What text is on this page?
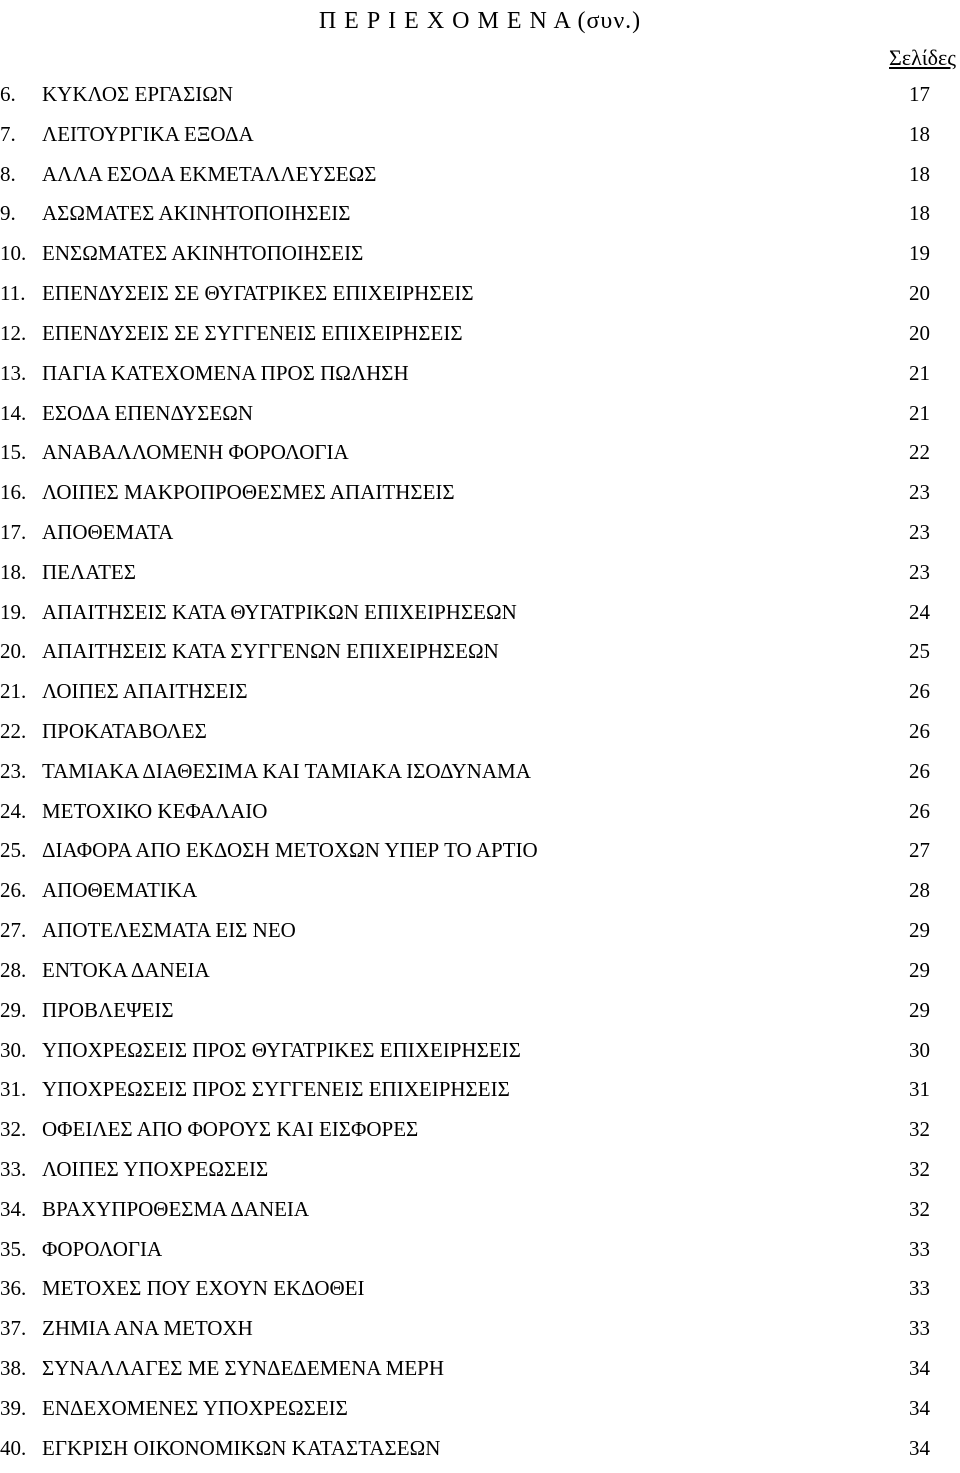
Π Ε Ρ Ι Ε Χ Ο Μ Ε Ν Α (συν.)
Σελίδες
6. ΚΥΚΛΟΣ ΕΡΓΑΣΙΩΝ	17
7. ΛΕΙΤΟΥΡΓΙΚΑ ΕΞΟΔΑ	18
8. ΑΛΛΑ ΕΣΟΔΑ ΕΚΜΕΤΑΛΛΕΥΣΕΩΣ	18
9. ΑΣΩΜΑΤΕΣ ΑΚΙΝΗΤΟΠΟΙΗΣΕΙΣ	18
10. ΕΝΣΩΜΑΤΕΣ ΑΚΙΝΗΤΟΠΟΙΗΣΕΙΣ	19
11. ΕΠΕΝΔΥΣΕΙΣ ΣΕ ΘΥΓΑΤΡΙΚΕΣ ΕΠΙΧΕΙΡΗΣΕΙΣ	20
12. ΕΠΕΝΔΥΣΕΙΣ ΣΕ ΣΥΓΓΕΝΕΙΣ ΕΠΙΧΕΙΡΗΣΕΙΣ	20
13. ΠΑΓΙΑ ΚΑΤΕΧΟΜΕΝΑ ΠΡΟΣ ΠΩΛΗΣΗ	21
14. ΕΣΟΔΑ ΕΠΕΝΔΥΣΕΩΝ	21
15. ΑΝΑΒΑΛΛΟΜΕΝΗ ΦΟΡΟΛΟΓΙΑ	22
16. ΛΟΙΠΕΣ ΜΑΚΡΟΠΡΟΘΕΣΜΕΣ ΑΠΑΙΤΗΣΕΙΣ	23
17. ΑΠΟΘΕΜΑΤΑ	23
18. ΠΕΛΑΤΕΣ	23
19. ΑΠΑΙΤΗΣΕΙΣ ΚΑΤΑ ΘΥΓΑΤΡΙΚΩΝ ΕΠΙΧΕΙΡΗΣΕΩΝ	24
20. ΑΠΑΙΤΗΣΕΙΣ ΚΑΤΑ ΣΥΓΓΕΝΩΝ ΕΠΙΧΕΙΡΗΣΕΩΝ	25
21. ΛΟΙΠΕΣ ΑΠΑΙΤΗΣΕΙΣ	26
22. ΠΡΟΚΑΤΑΒΟΛΕΣ	26
23. ΤΑΜΙΑΚΑ ΔΙΑΘΕΣΙΜΑ ΚΑΙ ΤΑΜΙΑΚΑ ΙΣΟΔΥΝΑΜΑ	26
24. ΜΕΤΟΧΙΚΟ ΚΕΦΑΛΑΙΟ	26
25. ΔΙΑΦΟΡΑ ΑΠΟ ΕΚΔΟΣΗ ΜΕΤΟΧΩΝ ΥΠΕΡ ΤΟ ΑΡΤΙΟ	27
26. ΑΠΟΘΕΜΑΤΙΚΑ	28
27. ΑΠΟΤΕΛΕΣΜΑΤΑ ΕΙΣ ΝΕΟ	29
28. ΕΝΤΟΚΑ ΔΑΝΕΙΑ	29
29. ΠΡΟΒΛΕΨΕΙΣ	29
30. ΥΠΟΧΡΕΩΣΕΙΣ ΠΡΟΣ ΘΥΓΑΤΡΙΚΕΣ ΕΠΙΧΕΙΡΗΣΕΙΣ	30
31. ΥΠΟΧΡΕΩΣΕΙΣ ΠΡΟΣ ΣΥΓΓΕΝΕΙΣ ΕΠΙΧΕΙΡΗΣΕΙΣ	31
32. ΟΦΕΙΛΕΣ ΑΠΟ ΦΟΡΟΥΣ ΚΑΙ ΕΙΣΦΟΡΕΣ	32
33. ΛΟΙΠΕΣ ΥΠΟΧΡΕΩΣΕΙΣ	32
34. ΒΡΑΧΥΠΡΟΘΕΣΜΑ ΔΑΝΕΙΑ	32
35. ΦΟΡΟΛΟΓΙΑ	33
36. ΜΕΤΟΧΕΣ ΠΟΥ ΕΧΟΥΝ ΕΚΔΟΘΕΙ	33
37. ΖΗΜΙΑ ΑΝΑ ΜΕΤΟΧΗ	33
38. ΣΥΝΑΛΛΑΓΕΣ ΜΕ ΣΥΝΔΕΔΕΜΕΝΑ ΜΕΡΗ	34
39. ΕΝΔΕΧΟΜΕΝΕΣ ΥΠΟΧΡΕΩΣΕΙΣ	34
40. ΕΓΚΡΙΣΗ ΟΙΚΟΝΟΜΙΚΩΝ ΚΑΤΑΣΤΑΣΕΩΝ	34
